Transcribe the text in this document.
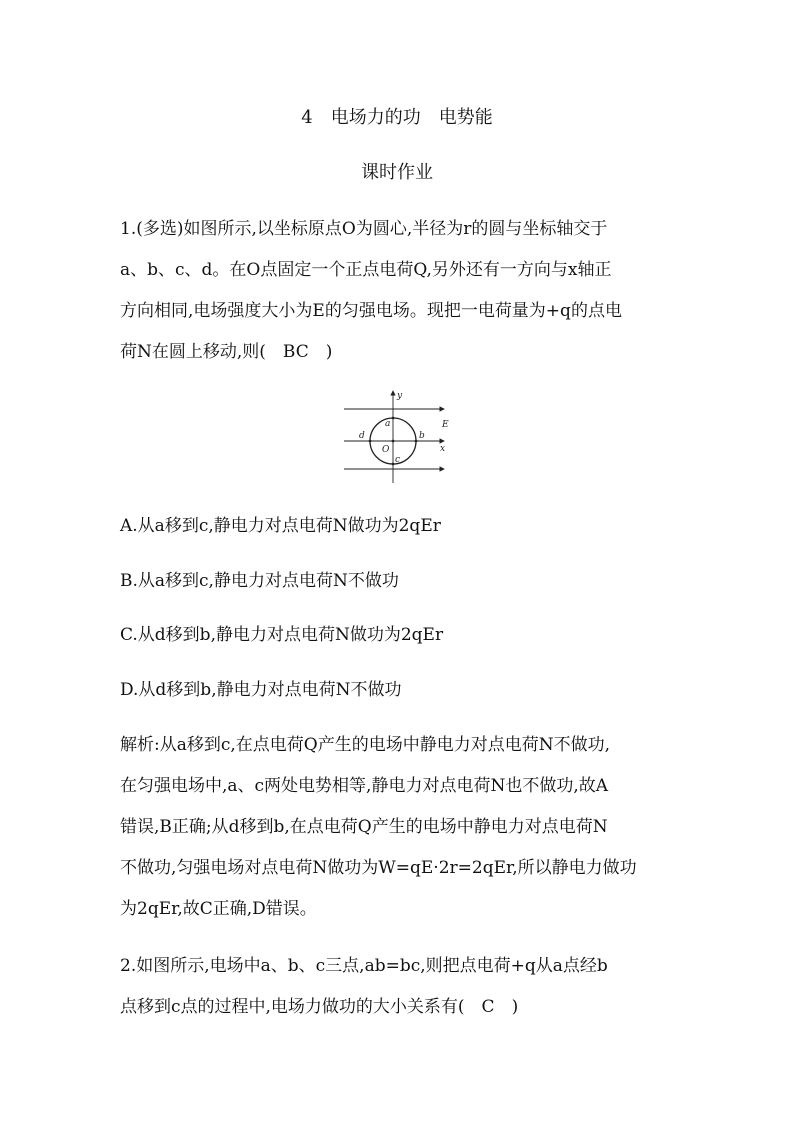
4　电场力的功　电势能
课时作业
1.(多选)如图所示,以坐标原点O为圆心,半径为r的圆与坐标轴交于
a、b、c、d。在O点固定一个正点电荷Q,另外还有一方向与x轴正
方向相同,电场强度大小为E的匀强电场。现把一电荷量为+q的点电
荷N在圆上移动,则(　BC　)
y
x
E
O
a
b
c
d
A.从a移到c,静电力对点电荷N做功为2qEr
B.从a移到c,静电力对点电荷N不做功
C.从d移到b,静电力对点电荷N做功为2qEr
D.从d移到b,静电力对点电荷N不做功
解析:从a移到c,在点电荷Q产生的电场中静电力对点电荷N不做功,
在匀强电场中,a、c两处电势相等,静电力对点电荷N也不做功,故A
错误,B正确;从d移到b,在点电荷Q产生的电场中静电力对点电荷N
不做功,匀强电场对点电荷N做功为W=qE·2r=2qEr,所以静电力做功
为2qEr,故C正确,D错误。
2.如图所示,电场中a、b、c三点,ab=bc,则把点电荷+q从a点经b
点移到c点的过程中,电场力做功的大小关系有(　C　)
